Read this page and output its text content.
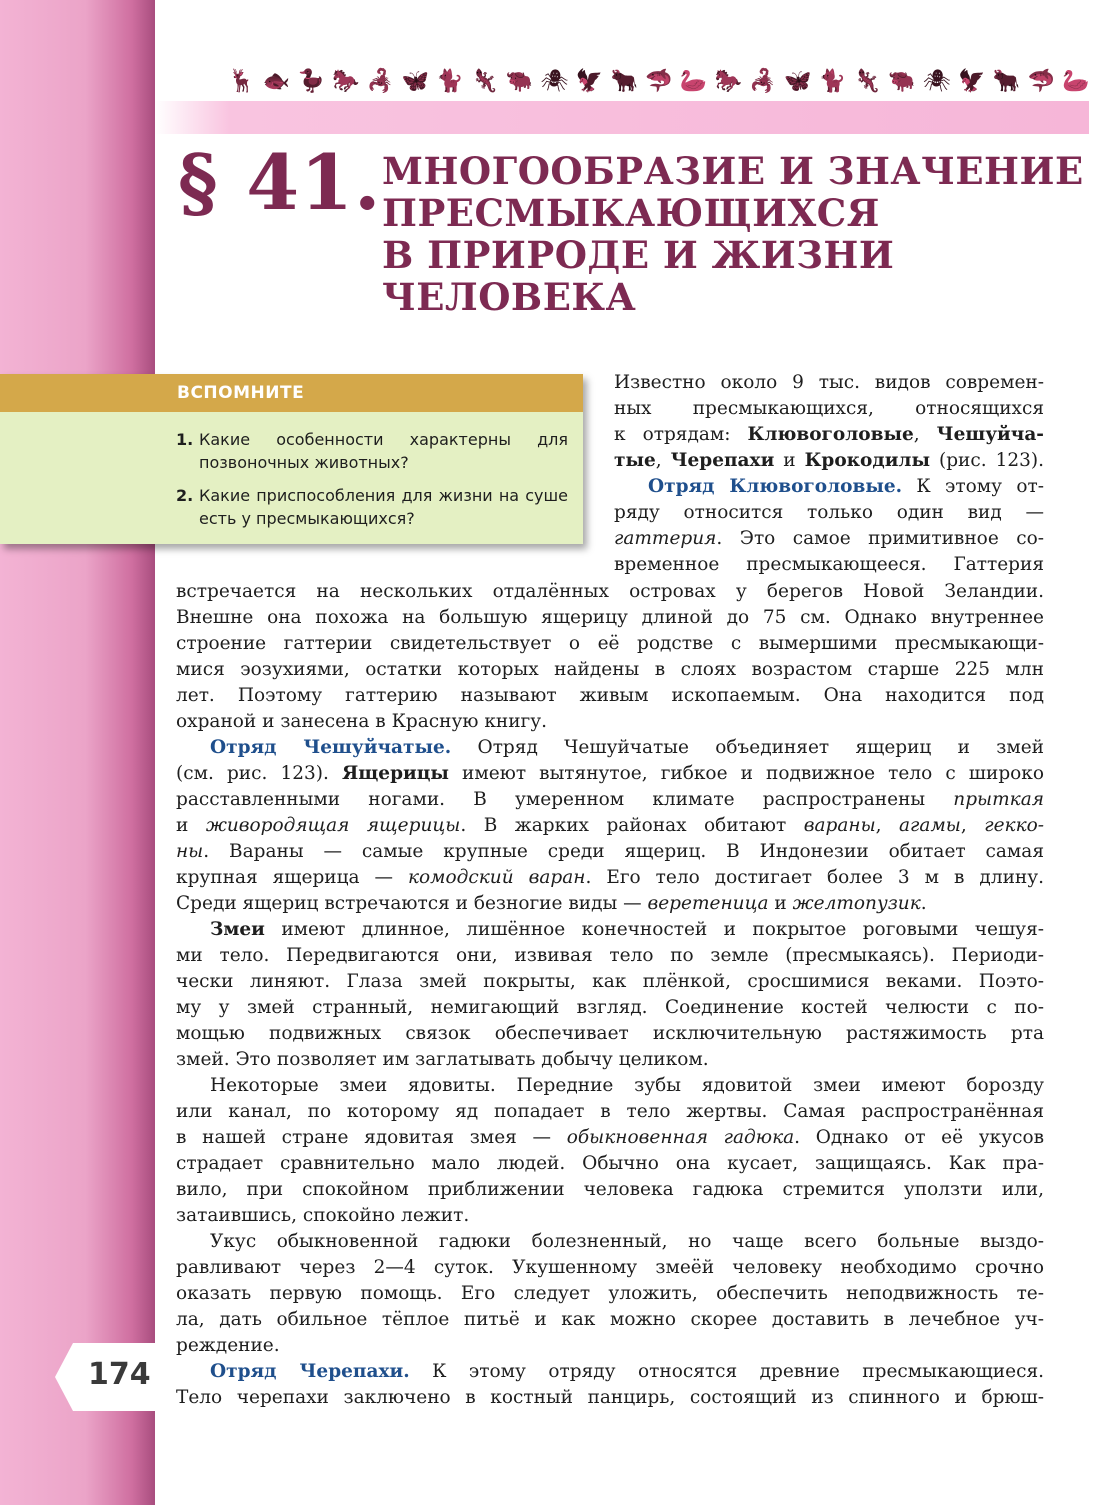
🦌 🐟 🦆 🐎 🦂 🦋 🐈 🦎 🐃 🕷 🦅 🐂 🦈 🦢 🐎 🦂 🦋 🐈 🦎 🐃 🕷 🦅 🐂 🦈 🦢
§ 41. МНОГООБРАЗИЕ И ЗНАЧЕНИЕ
ПРЕСМЫКАЮЩИХСЯ
В ПРИРОДЕ И ЖИЗНИ
ЧЕЛОВЕКА
ВСПОМНИТЕ
1. Какие особенности характерны для позвоночных животных?
2. Какие приспособления для жизни на суше есть у пресмыкающихся?
Известно около 9 тыс. видов современ-
ных пресмыкающихся, относящихся
к отрядам: Клювоголовые, Чешуйча-
тые, Черепахи и Крокодилы (рис. 123).
Отряд Клювоголовые. К этому от-
ряду относится только один вид —
гаттерия. Это самое примитивное со-
временное пресмыкающееся. Гаттерия
встречается на нескольких отдалённых островах у берегов Новой Зеландии.
Внешне она похожа на большую ящерицу длиной до 75 см. Однако внутреннее
строение гаттерии свидетельствует о её родстве с вымершими пресмыкающи-
мися эозухиями, остатки которых найдены в слоях возрастом старше 225 млн
лет. Поэтому гаттерию называют живым ископаемым. Она находится под
охраной и занесена в Красную книгу.
Отряд Чешуйчатые. Отряд Чешуйчатые объединяет ящериц и змей
(см. рис. 123). Ящерицы имеют вытянутое, гибкое и подвижное тело с широко
расставленными ногами. В умеренном климате распространены прыткая
и живородящая ящерицы. В жарких районах обитают вараны, агамы, гекко-
ны. Вараны — самые крупные среди ящериц. В Индонезии обитает самая
крупная ящерица — комодский варан. Его тело достигает более 3 м в длину.
Среди ящериц встречаются и безногие виды — веретеница и желтопузик.
Змеи имеют длинное, лишённое конечностей и покрытое роговыми чешуя-
ми тело. Передвигаются они, извивая тело по земле (пресмыкаясь). Периоди-
чески линяют. Глаза змей покрыты, как плёнкой, сросшимися веками. Поэто-
му у змей странный, немигающий взгляд. Соединение костей челюсти с по-
мощью подвижных связок обеспечивает исключительную растяжимость рта
змей. Это позволяет им заглатывать добычу целиком.
Некоторые змеи ядовиты. Передние зубы ядовитой змеи имеют борозду
или канал, по которому яд попадает в тело жертвы. Самая распространённая
в нашей стране ядовитая змея — обыкновенная гадюка. Однако от её укусов
страдает сравнительно мало людей. Обычно она кусает, защищаясь. Как пра-
вило, при спокойном приближении человека гадюка стремится уползти или,
затаившись, спокойно лежит.
Укус обыкновенной гадюки болезненный, но чаще всего больные выздо-
равливают через 2—4 суток. Укушенному змеёй человеку необходимо срочно
оказать первую помощь. Его следует уложить, обеспечить неподвижность те-
ла, дать обильное тёплое питьё и как можно скорее доставить в лечебное уч-
реждение.
Отряд Черепахи. К этому отряду относятся древние пресмыкающиеся.
Тело черепахи заключено в костный панцирь, состоящий из спинного и брюш-
174
